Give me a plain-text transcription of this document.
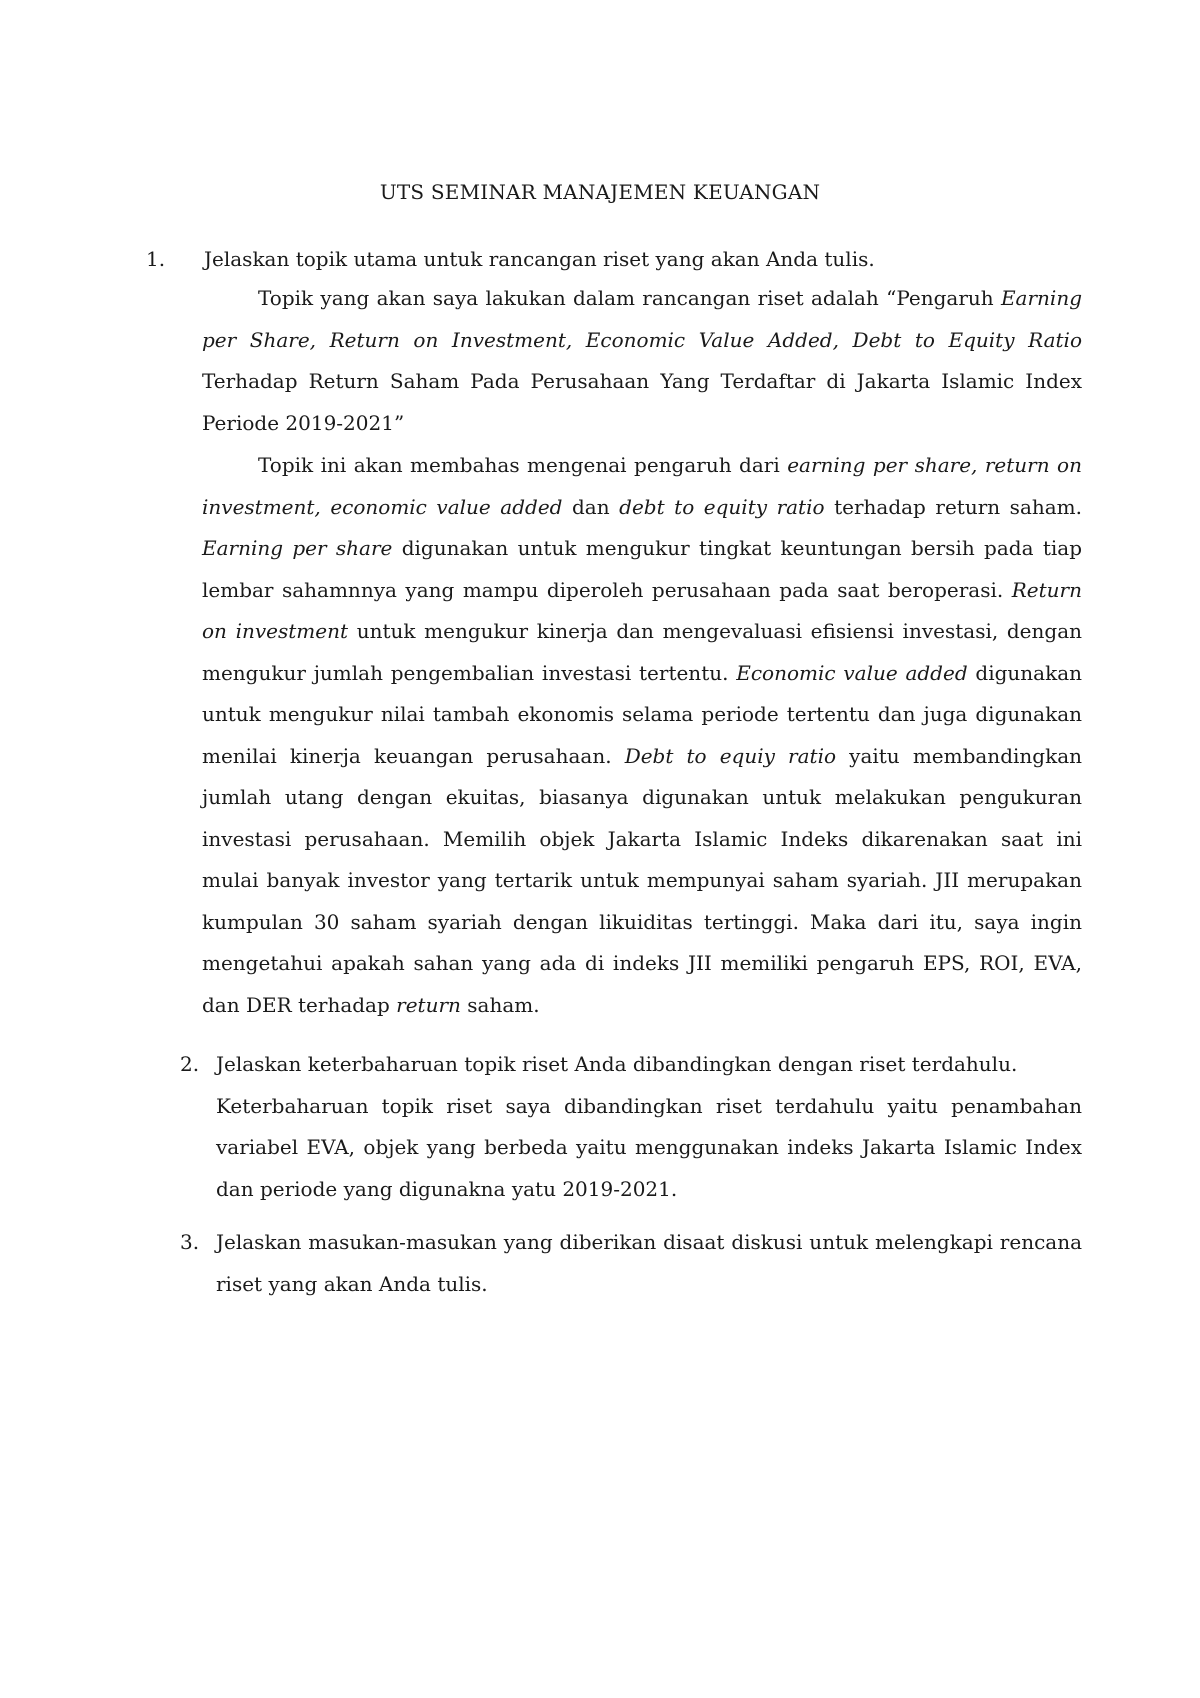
UTS SEMINAR MANAJEMEN KEUANGAN
1. Jelaskan topik utama untuk rancangan riset yang akan Anda tulis.
Topik yang akan saya lakukan dalam rancangan riset adalah “Pengaruh Earning per Share, Return on Investment, Economic Value Added, Debt to Equity Ratio Terhadap Return Saham Pada Perusahaan Yang Terdaftar di Jakarta Islamic Index Periode 2019-2021”
Topik ini akan membahas mengenai pengaruh dari earning per share, return on investment, economic value added dan debt to equity ratio terhadap return saham. Earning per share digunakan untuk mengukur tingkat keuntungan bersih pada tiap lembar sahamnnya yang mampu diperoleh perusahaan pada saat beroperasi. Return on investment untuk mengukur kinerja dan mengevaluasi efisiensi investasi, dengan mengukur jumlah pengembalian investasi tertentu. Economic value added digunakan untuk mengukur nilai tambah ekonomis selama periode tertentu dan juga digunakan menilai kinerja keuangan perusahaan. Debt to equiy ratio yaitu membandingkan jumlah utang dengan ekuitas, biasanya digunakan untuk melakukan pengukuran investasi perusahaan. Memilih objek Jakarta Islamic Indeks dikarenakan saat ini mulai banyak investor yang tertarik untuk mempunyai saham syariah. JII merupakan kumpulan 30 saham syariah dengan likuiditas tertinggi. Maka dari itu, saya ingin mengetahui apakah sahan yang ada di indeks JII memiliki pengaruh EPS, ROI, EVA, dan DER terhadap return saham.
2. Jelaskan keterbaharuan topik riset Anda dibandingkan dengan riset terdahulu.
Keterbaharuan topik riset saya dibandingkan riset terdahulu yaitu penambahan variabel EVA, objek yang berbeda yaitu menggunakan indeks Jakarta Islamic Index dan periode yang digunakna yatu 2019-2021.
3. Jelaskan masukan-masukan yang diberikan disaat diskusi untuk melengkapi rencana riset yang akan Anda tulis.
